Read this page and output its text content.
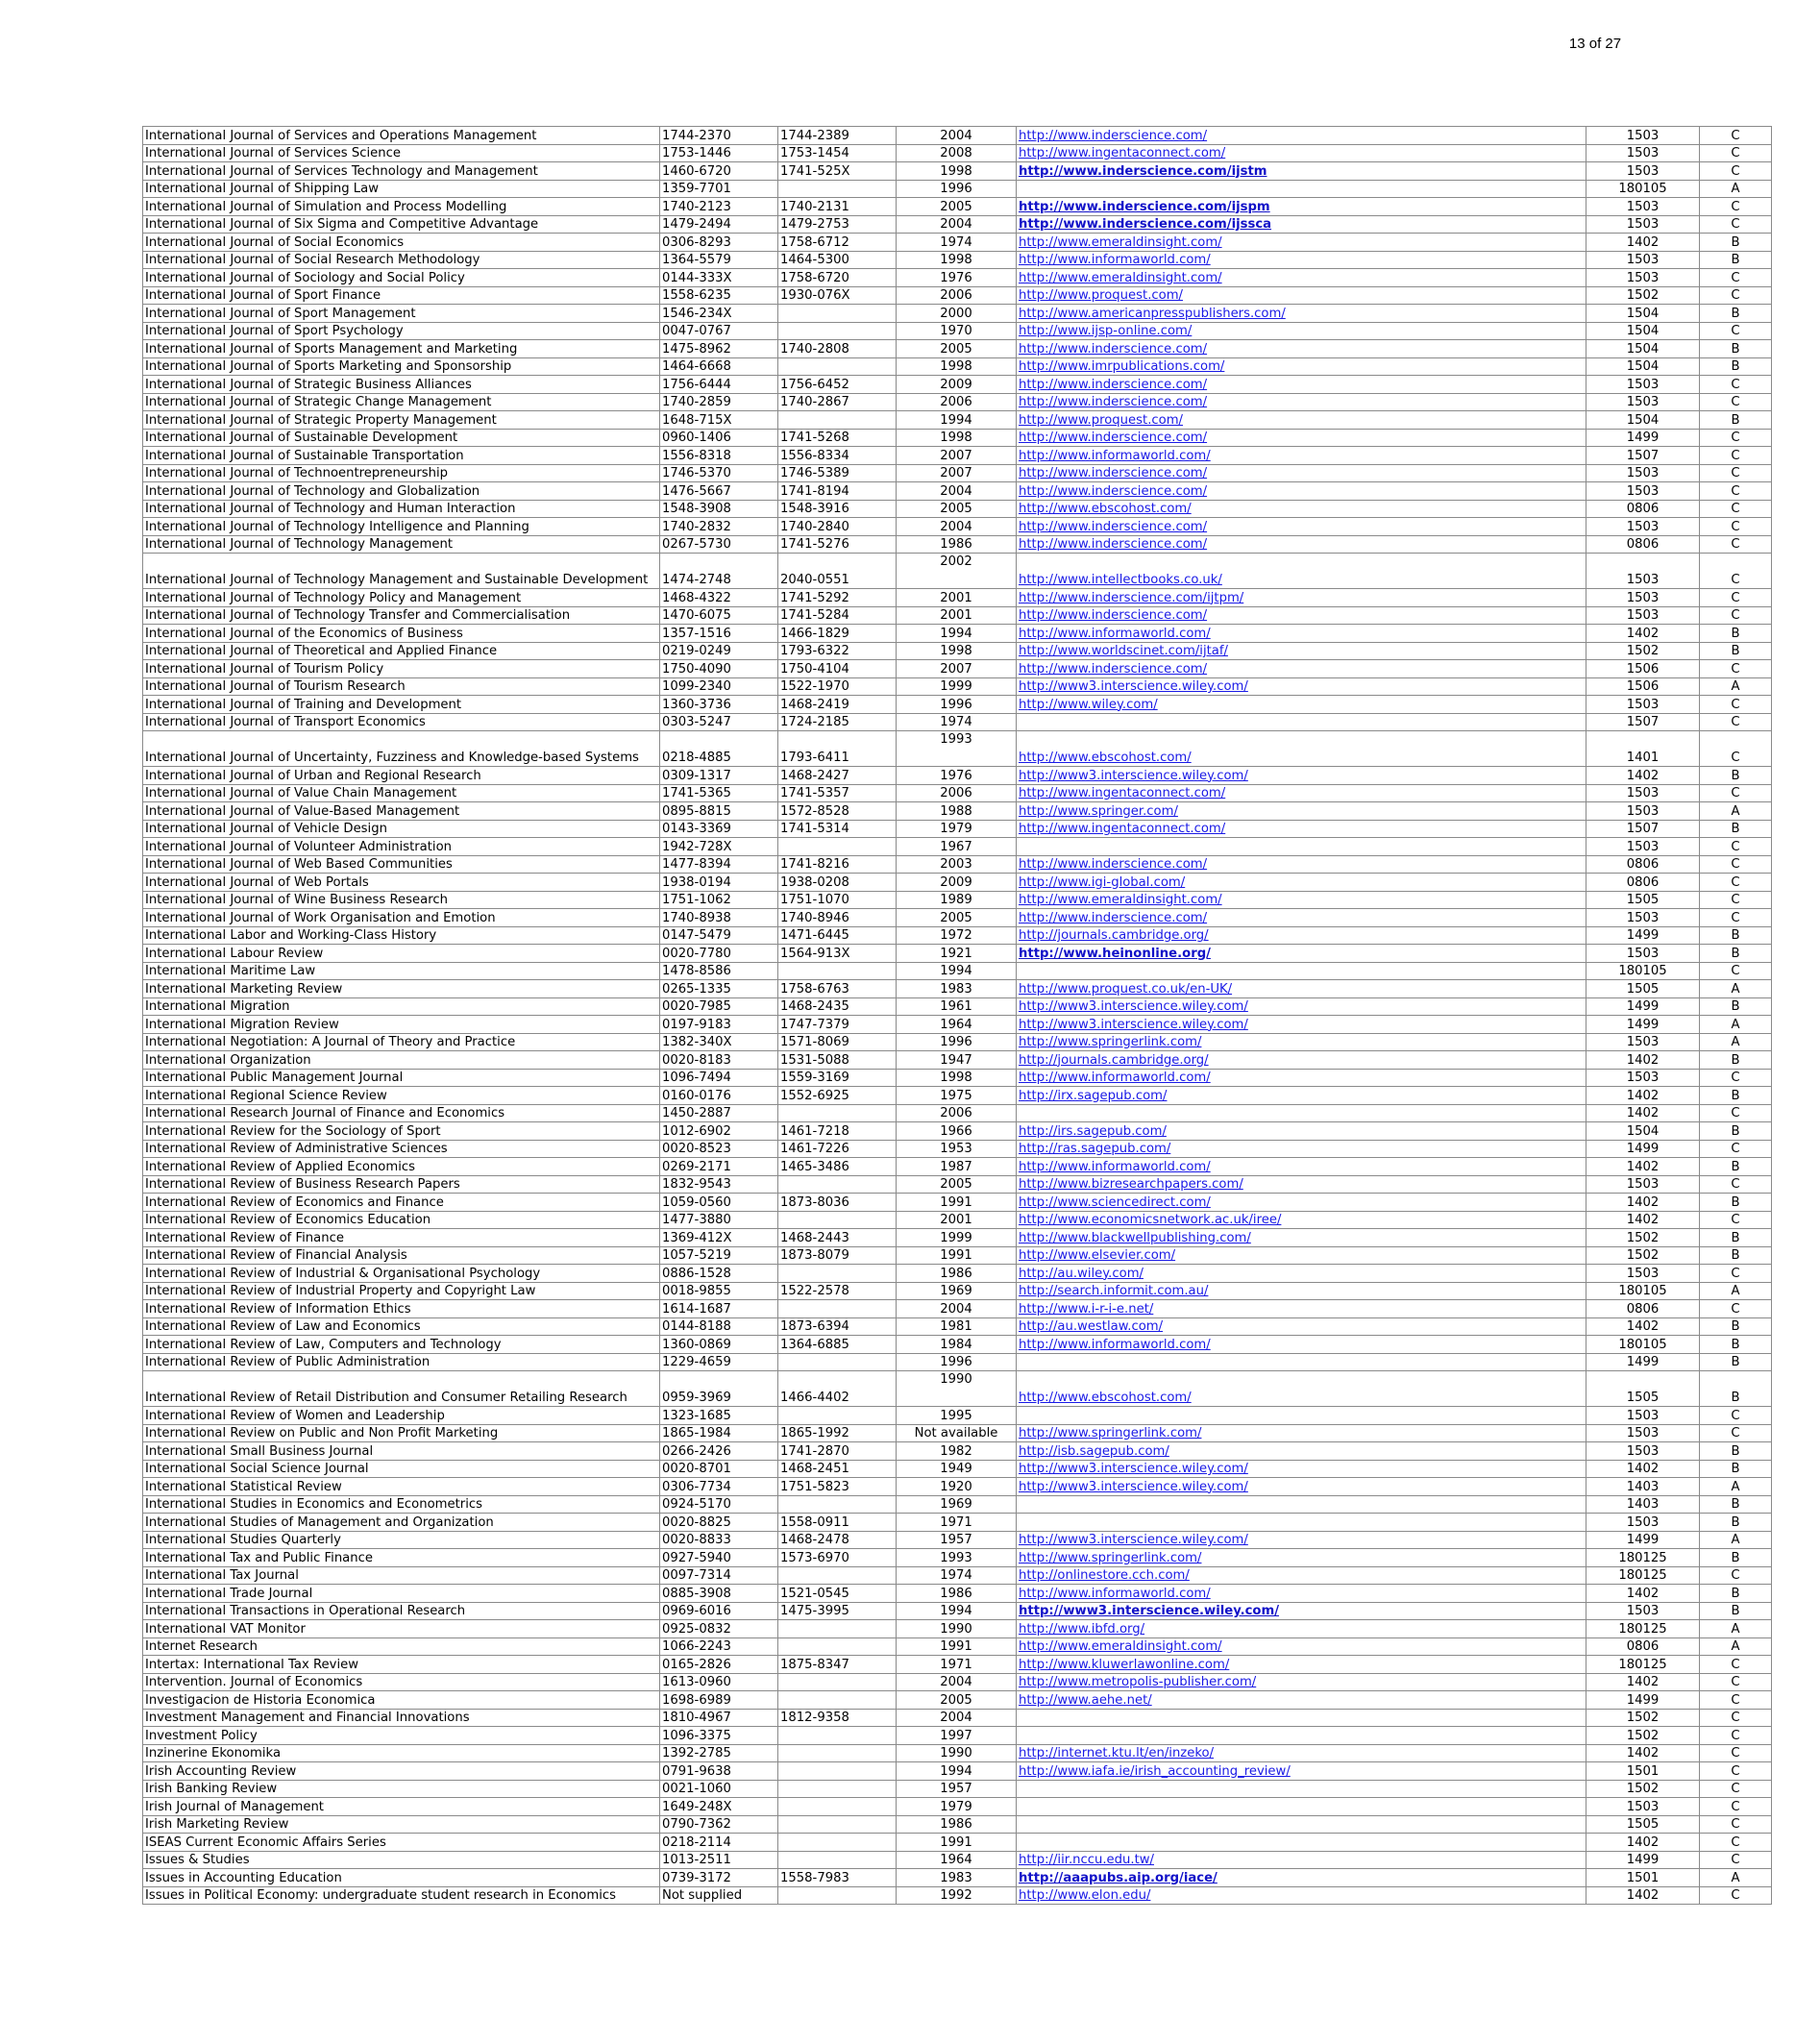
13 of 27
International Journal of Services and Operations Management	1744-2370	1744-2389	2004	http://www.inderscience.com/	1503	C
International Journal of Services Science	1753-1446	1753-1454	2008	http://www.ingentaconnect.com/	1503	C
International Journal of Services Technology and Management	1460-6720	1741-525X	1998	http://www.inderscience.com/ijstm	1503	C
International Journal of Shipping Law	1359-7701		1996		180105	A
International Journal of Simulation and Process Modelling	1740-2123	1740-2131	2005	http://www.inderscience.com/ijspm	1503	C
International Journal of Six Sigma and Competitive Advantage	1479-2494	1479-2753	2004	http://www.inderscience.com/ijssca	1503	C
International Journal of Social Economics	0306-8293	1758-6712	1974	http://www.emeraldinsight.com/	1402	B
International Journal of Social Research Methodology	1364-5579	1464-5300	1998	http://www.informaworld.com/	1503	B
International Journal of Sociology and Social Policy	0144-333X	1758-6720	1976	http://www.emeraldinsight.com/	1503	C
International Journal of Sport Finance	1558-6235	1930-076X	2006	http://www.proquest.com/	1502	C
International Journal of Sport Management	1546-234X		2000	http://www.americanpresspublishers.com/	1504	B
International Journal of Sport Psychology	0047-0767		1970	http://www.ijsp-online.com/	1504	C
International Journal of Sports Management and Marketing	1475-8962	1740-2808	2005	http://www.inderscience.com/	1504	B
International Journal of Sports Marketing and Sponsorship	1464-6668		1998	http://www.imrpublications.com/	1504	B
International Journal of Strategic Business Alliances	1756-6444	1756-6452	2009	http://www.inderscience.com/	1503	C
International Journal of Strategic Change Management	1740-2859	1740-2867	2006	http://www.inderscience.com/	1503	C
International Journal of Strategic Property Management	1648-715X		1994	http://www.proquest.com/	1504	B
International Journal of Sustainable Development	0960-1406	1741-5268	1998	http://www.inderscience.com/	1499	C
International Journal of Sustainable Transportation	1556-8318	1556-8334	2007	http://www.informaworld.com/	1507	C
International Journal of Technoentrepreneurship	1746-5370	1746-5389	2007	http://www.inderscience.com/	1503	C
International Journal of Technology and Globalization	1476-5667	1741-8194	2004	http://www.inderscience.com/	1503	C
International Journal of Technology and Human Interaction	1548-3908	1548-3916	2005	http://www.ebscohost.com/	0806	C
International Journal of Technology Intelligence and Planning	1740-2832	1740-2840	2004	http://www.inderscience.com/	1503	C
International Journal of Technology Management	0267-5730	1741-5276	1986	http://www.inderscience.com/	0806	C
International Journal of Technology Management and Sustainable Development	1474-2748	2040-0551	2002	http://www.intellectbooks.co.uk/	1503	C
International Journal of Technology Policy and Management	1468-4322	1741-5292	2001	http://www.inderscience.com/ijtpm/	1503	C
International Journal of Technology Transfer and Commercialisation	1470-6075	1741-5284	2001	http://www.inderscience.com/	1503	C
International Journal of the Economics of Business	1357-1516	1466-1829	1994	http://www.informaworld.com/	1402	B
International Journal of Theoretical and Applied Finance	0219-0249	1793-6322	1998	http://www.worldscinet.com/ijtaf/	1502	B
International Journal of Tourism Policy	1750-4090	1750-4104	2007	http://www.inderscience.com/	1506	C
International Journal of Tourism Research	1099-2340	1522-1970	1999	http://www3.interscience.wiley.com/	1506	A
International Journal of Training and Development	1360-3736	1468-2419	1996	http://www.wiley.com/	1503	C
International Journal of Transport Economics	0303-5247	1724-2185	1974		1507	C
International Journal of Uncertainty, Fuzziness and Knowledge-based Systems	0218-4885	1793-6411	1993	http://www.ebscohost.com/	1401	C
International Journal of Urban and Regional Research	0309-1317	1468-2427	1976	http://www3.interscience.wiley.com/	1402	B
International Journal of Value Chain Management	1741-5365	1741-5357	2006	http://www.ingentaconnect.com/	1503	C
International Journal of Value-Based Management	0895-8815	1572-8528	1988	http://www.springer.com/	1503	A
International Journal of Vehicle Design	0143-3369	1741-5314	1979	http://www.ingentaconnect.com/	1507	B
International Journal of Volunteer Administration	1942-728X		1967		1503	C
International Journal of Web Based Communities	1477-8394	1741-8216	2003	http://www.inderscience.com/	0806	C
International Journal of Web Portals	1938-0194	1938-0208	2009	http://www.igi-global.com/	0806	C
International Journal of Wine Business Research	1751-1062	1751-1070	1989	http://www.emeraldinsight.com/	1505	C
International Journal of Work Organisation and Emotion	1740-8938	1740-8946	2005	http://www.inderscience.com/	1503	C
International Labor and Working-Class History	0147-5479	1471-6445	1972	http://journals.cambridge.org/	1499	B
International Labour Review	0020-7780	1564-913X	1921	http://www.heinonline.org/	1503	B
International Maritime Law	1478-8586		1994		180105	C
International Marketing Review	0265-1335	1758-6763	1983	http://www.proquest.co.uk/en-UK/	1505	A
International Migration	0020-7985	1468-2435	1961	http://www3.interscience.wiley.com/	1499	B
International Migration Review	0197-9183	1747-7379	1964	http://www3.interscience.wiley.com/	1499	A
International Negotiation: A Journal of Theory and Practice	1382-340X	1571-8069	1996	http://www.springerlink.com/	1503	A
International Organization	0020-8183	1531-5088	1947	http://journals.cambridge.org/	1402	B
International Public Management Journal	1096-7494	1559-3169	1998	http://www.informaworld.com/	1503	C
International Regional Science Review	0160-0176	1552-6925	1975	http://irx.sagepub.com/	1402	B
International Research Journal of Finance and Economics	1450-2887		2006		1402	C
International Review for the Sociology of Sport	1012-6902	1461-7218	1966	http://irs.sagepub.com/	1504	B
International Review of Administrative Sciences	0020-8523	1461-7226	1953	http://ras.sagepub.com/	1499	C
International Review of Applied Economics	0269-2171	1465-3486	1987	http://www.informaworld.com/	1402	B
International Review of Business Research Papers	1832-9543		2005	http://www.bizresearchpapers.com/	1503	C
International Review of Economics and Finance	1059-0560	1873-8036	1991	http://www.sciencedirect.com/	1402	B
International Review of Economics Education	1477-3880		2001	http://www.economicsnetwork.ac.uk/iree/	1402	C
International Review of Finance	1369-412X	1468-2443	1999	http://www.blackwellpublishing.com/	1502	B
International Review of Financial Analysis	1057-5219	1873-8079	1991	http://www.elsevier.com/	1502	B
International Review of Industrial & Organisational Psychology	0886-1528		1986	http://au.wiley.com/	1503	C
International Review of Industrial Property and Copyright Law	0018-9855	1522-2578	1969	http://search.informit.com.au/	180105	A
International Review of Information Ethics	1614-1687		2004	http://www.i-r-i-e.net/	0806	C
International Review of Law and Economics	0144-8188	1873-6394	1981	http://au.westlaw.com/	1402	B
International Review of Law, Computers and Technology	1360-0869	1364-6885	1984	http://www.informaworld.com/	180105	B
International Review of Public Administration	1229-4659		1996		1499	B
International Review of Retail Distribution and Consumer Retailing Research	0959-3969	1466-4402	1990	http://www.ebscohost.com/	1505	B
International Review of Women and Leadership	1323-1685		1995		1503	C
International Review on Public and Non Profit Marketing	1865-1984	1865-1992	Not available	http://www.springerlink.com/	1503	C
International Small Business Journal	0266-2426	1741-2870	1982	http://isb.sagepub.com/	1503	B
International Social Science Journal	0020-8701	1468-2451	1949	http://www3.interscience.wiley.com/	1402	B
International Statistical Review	0306-7734	1751-5823	1920	http://www3.interscience.wiley.com/	1403	A
International Studies in Economics and Econometrics	0924-5170		1969		1403	B
International Studies of Management and Organization	0020-8825	1558-0911	1971		1503	B
International Studies Quarterly	0020-8833	1468-2478	1957	http://www3.interscience.wiley.com/	1499	A
International Tax and Public Finance	0927-5940	1573-6970	1993	http://www.springerlink.com/	180125	B
International Tax Journal	0097-7314		1974	http://onlinestore.cch.com/	180125	C
International Trade Journal	0885-3908	1521-0545	1986	http://www.informaworld.com/	1402	B
International Transactions in Operational Research	0969-6016	1475-3995	1994	http://www3.interscience.wiley.com/	1503	B
International VAT Monitor	0925-0832		1990	http://www.ibfd.org/	180125	A
Internet Research	1066-2243		1991	http://www.emeraldinsight.com/	0806	A
Intertax: International Tax Review	0165-2826	1875-8347	1971	http://www.kluwerlawonline.com/	180125	C
Intervention. Journal of Economics	1613-0960		2004	http://www.metropolis-publisher.com/	1402	C
Investigacion de Historia Economica	1698-6989		2005	http://www.aehe.net/	1499	C
Investment Management and Financial Innovations	1810-4967	1812-9358	2004		1502	C
Investment Policy	1096-3375		1997		1502	C
Inzinerine Ekonomika	1392-2785		1990	http://internet.ktu.lt/en/inzeko/	1402	C
Irish Accounting Review	0791-9638		1994	http://www.iafa.ie/irish_accounting_review/	1501	C
Irish Banking Review	0021-1060		1957		1502	C
Irish Journal of Management	1649-248X		1979		1503	C
Irish Marketing Review	0790-7362		1986		1505	C
ISEAS Current Economic Affairs Series	0218-2114		1991		1402	C
Issues & Studies	1013-2511		1964	http://iir.nccu.edu.tw/	1499	C
Issues in Accounting Education	0739-3172	1558-7983	1983	http://aaapubs.aip.org/iace/	1501	A
Issues in Political Economy: undergraduate student research in Economics	Not supplied		1992	http://www.elon.edu/	1402	C
